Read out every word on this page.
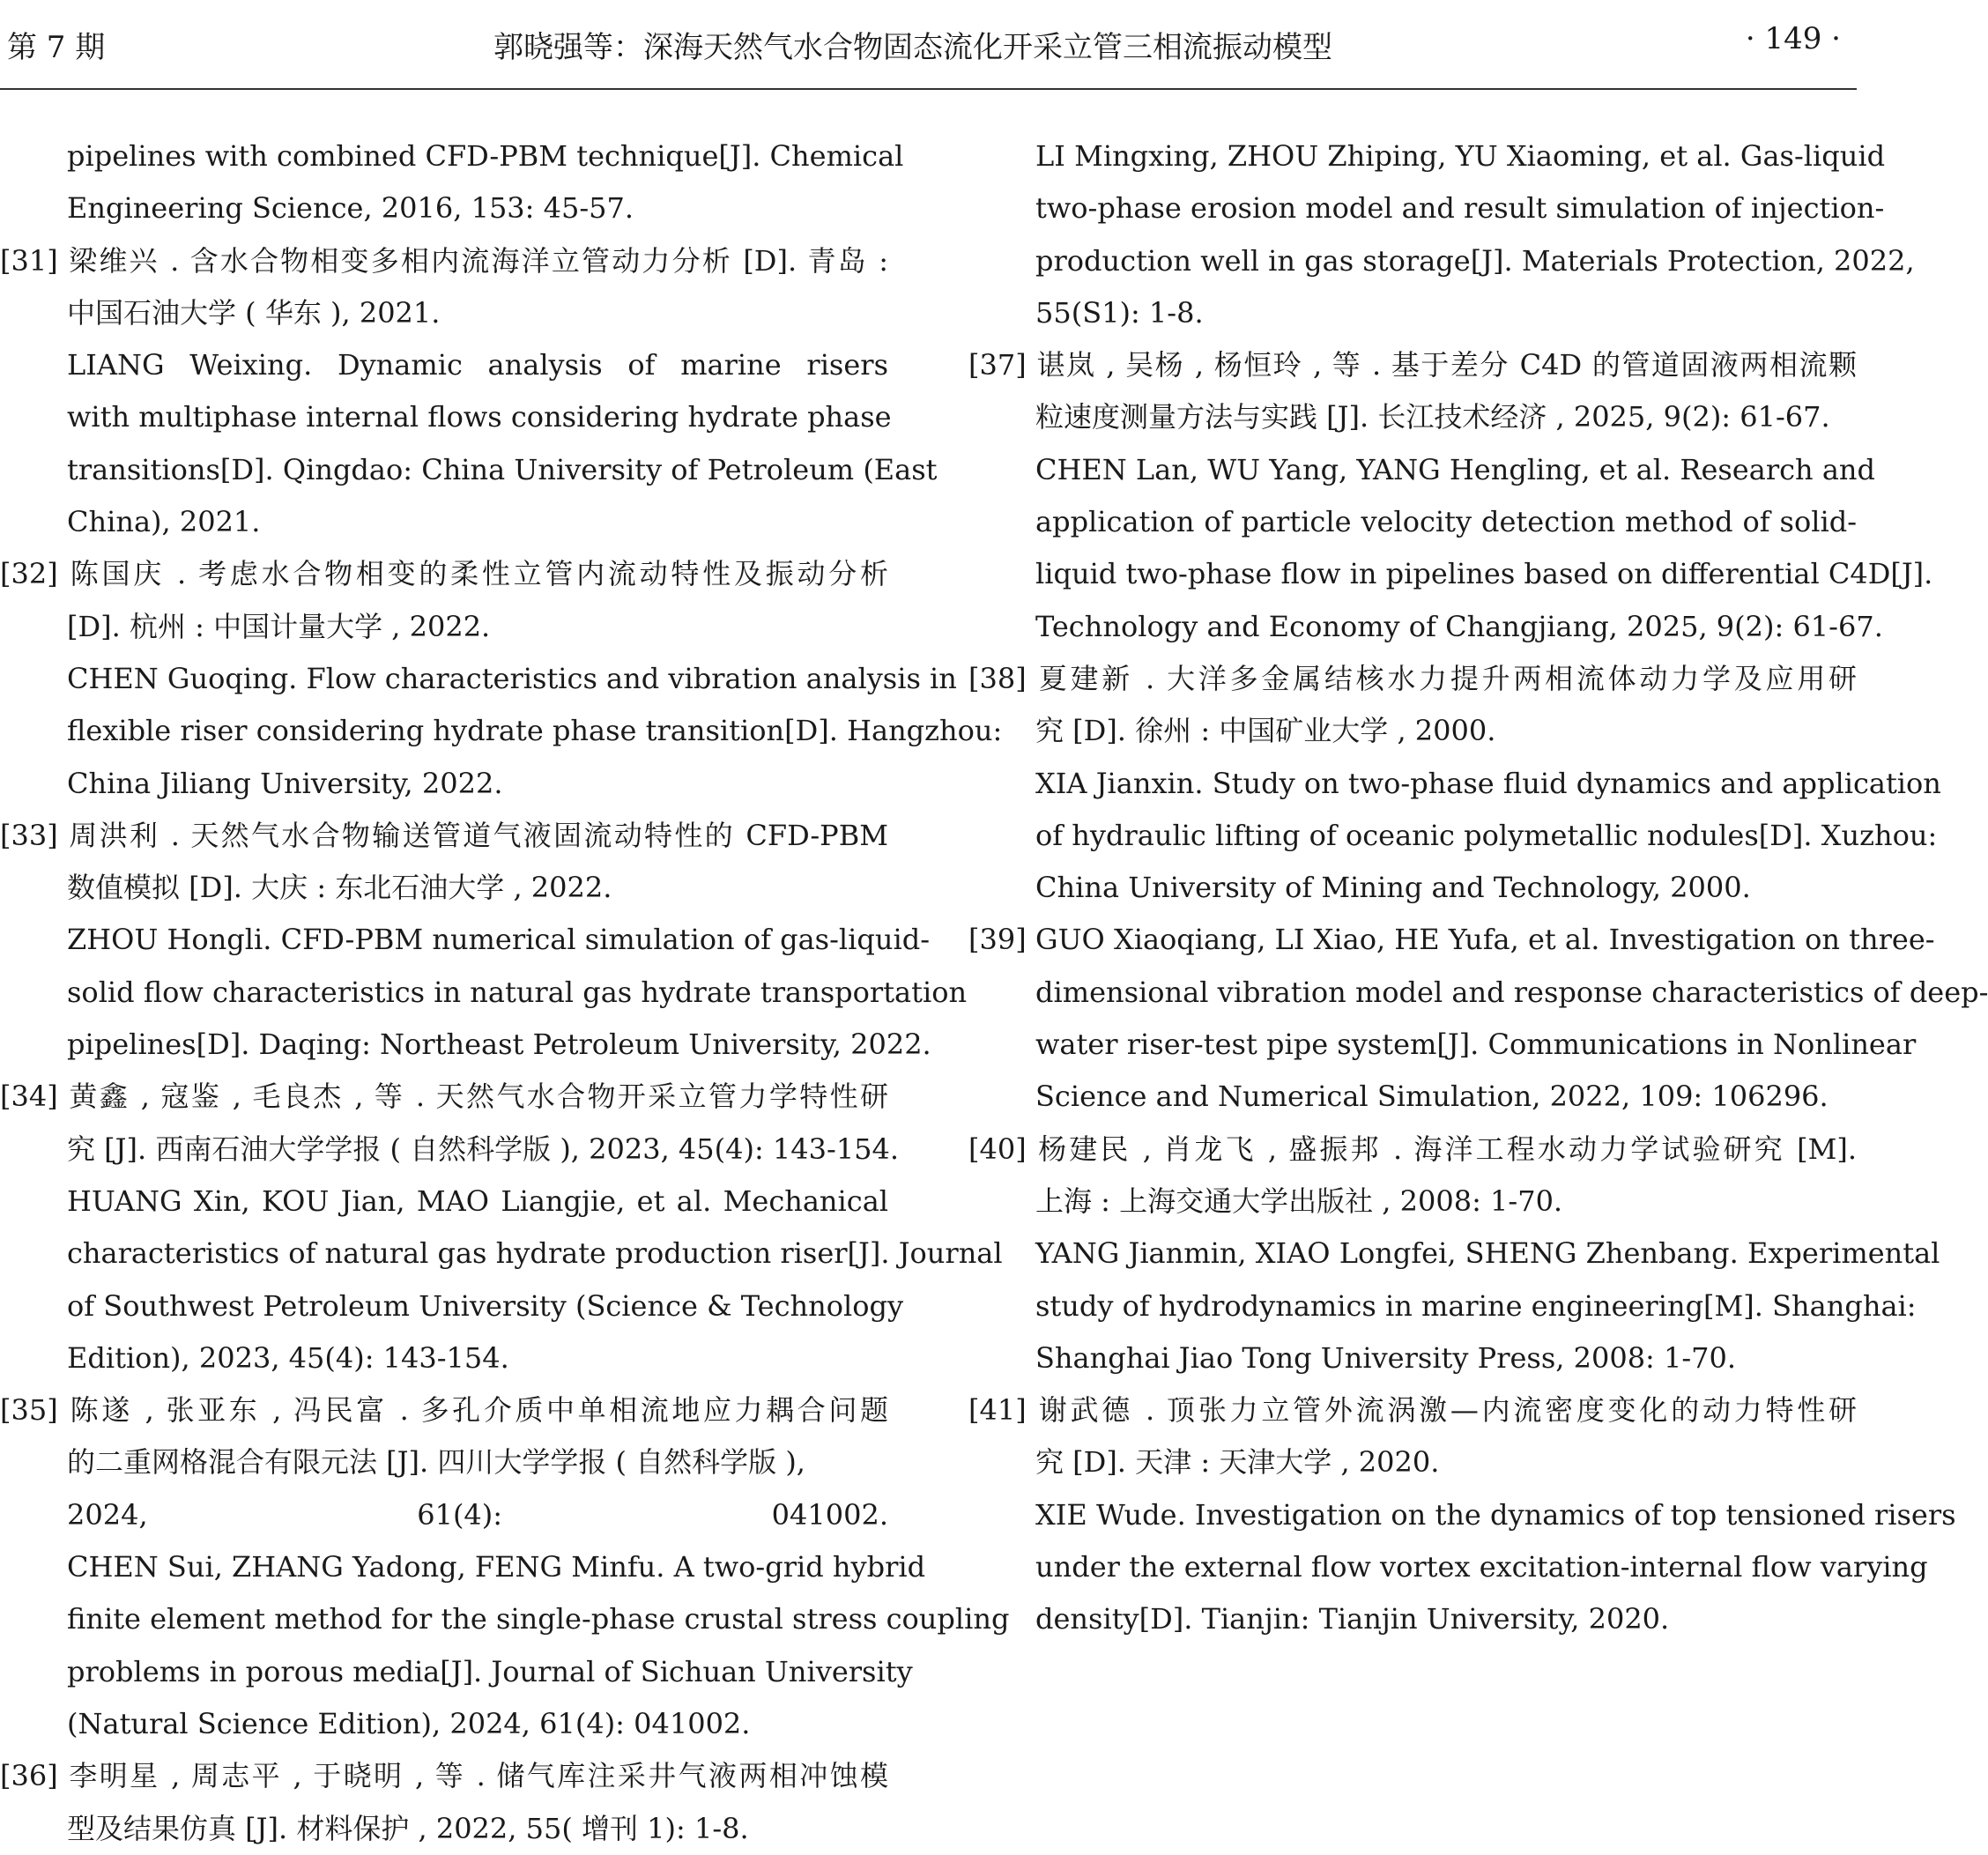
第 7 期	郭晓强等：深海天然气水合物固态流化开采立管三相流振动模型	· 149 ·
pipelines with combined CFD-PBM technique[J]. Chemical
Engineering Science, 2016, 153: 45-57.
[31] 梁维兴 . 含水合物相变多相内流海洋立管动力分析 [D]. 青岛 :
中国石油大学 ( 华东 ), 2021.
LIANG Weixing. Dynamic analysis of marine risers
with multiphase internal flows considering hydrate phase
transitions[D]. Qingdao: China University of Petroleum (East
China), 2021.
[32] 陈国庆 . 考虑水合物相变的柔性立管内流动特性及振动分析
[D]. 杭州 : 中国计量大学 , 2022.
CHEN Guoqing. Flow characteristics and vibration analysis in
flexible riser considering hydrate phase transition[D]. Hangzhou:
China Jiliang University, 2022.
[33] 周洪利 . 天然气水合物输送管道气液固流动特性的 CFD-PBM
数值模拟 [D]. 大庆 : 东北石油大学 , 2022.
ZHOU Hongli. CFD-PBM numerical simulation of gas-liquid-
solid flow characteristics in natural gas hydrate transportation
pipelines[D]. Daqing: Northeast Petroleum University, 2022.
[34] 黄鑫 , 寇鉴 , 毛良杰 , 等 . 天然气水合物开采立管力学特性研
究 [J]. 西南石油大学学报 ( 自然科学版 ), 2023, 45(4): 143-154.
HUANG Xin, KOU Jian, MAO Liangjie, et al. Mechanical
characteristics of natural gas hydrate production riser[J]. Journal
of Southwest Petroleum University (Science & Technology
Edition), 2023, 45(4): 143-154.
[35] 陈遂 , 张亚东 , 冯民富 . 多孔介质中单相流地应力耦合问题
的二重网格混合有限元法 [J]. 四川大学学报 ( 自然科学版 ),
2024, 61(4): 041002.
CHEN Sui, ZHANG Yadong, FENG Minfu. A two-grid hybrid
finite element method for the single-phase crustal stress coupling
problems in porous media[J]. Journal of Sichuan University
(Natural Science Edition), 2024, 61(4): 041002.
[36] 李明星 , 周志平 , 于晓明 , 等 . 储气库注采井气液两相冲蚀模
型及结果仿真 [J]. 材料保护 , 2022, 55( 增刊 1): 1-8.
LI Mingxing, ZHOU Zhiping, YU Xiaoming, et al. Gas-liquid
two-phase erosion model and result simulation of injection-
production well in gas storage[J]. Materials Protection, 2022,
55(S1): 1-8.
[37] 谌岚 , 吴杨 , 杨恒玲 , 等 . 基于差分 C4D 的管道固液两相流颗
粒速度测量方法与实践 [J]. 长江技术经济 , 2025, 9(2): 61-67.
CHEN Lan, WU Yang, YANG Hengling, et al. Research and
application of particle velocity detection method of solid-
liquid two-phase flow in pipelines based on differential C4D[J].
Technology and Economy of Changjiang, 2025, 9(2): 61-67.
[38] 夏建新 . 大洋多金属结核水力提升两相流体动力学及应用研
究 [D]. 徐州 : 中国矿业大学 , 2000.
XIA Jianxin. Study on two-phase fluid dynamics and application
of hydraulic lifting of oceanic polymetallic nodules[D]. Xuzhou:
China University of Mining and Technology, 2000.
[39] GUO Xiaoqiang, LI Xiao, HE Yufa, et al. Investigation on three-
dimensional vibration model and response characteristics of deep-
water riser-test pipe system[J]. Communications in Nonlinear
Science and Numerical Simulation, 2022, 109: 106296.
[40] 杨建民 , 肖龙飞 , 盛振邦 . 海洋工程水动力学试验研究 [M].
上海 : 上海交通大学出版社 , 2008: 1-70.
YANG Jianmin, XIAO Longfei, SHENG Zhenbang. Experimental
study of hydrodynamics in marine engineering[M]. Shanghai:
Shanghai Jiao Tong University Press, 2008: 1-70.
[41] 谢武德 . 顶张力立管外流涡激—内流密度变化的动力特性研
究 [D]. 天津 : 天津大学 , 2020.
XIE Wude. Investigation on the dynamics of top tensioned risers
under the external flow vortex excitation-internal flow varying
density[D]. Tianjin: Tianjin University, 2020.
